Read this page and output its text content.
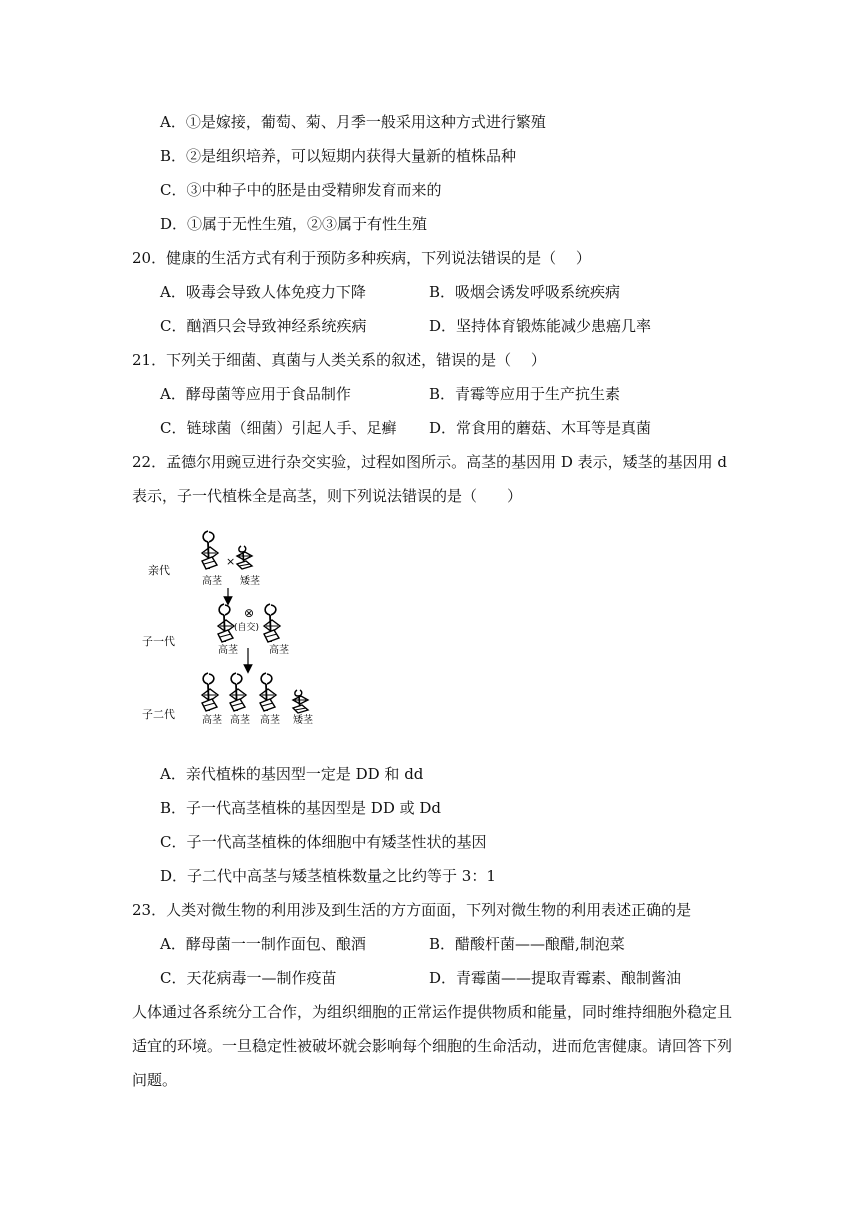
A．①是嫁接，葡萄、菊、月季一般采用这种方式进行繁殖
B．②是组织培养，可以短期内获得大量新的植株品种
C．③中种子中的胚是由受精卵发育而来的
D．①属于无性生殖，②③属于有性生殖
20．健康的生活方式有利于预防多种疾病，下列说法错误的是（　 ）
A．吸毒会导致人体免疫力下降	B．吸烟会诱发呼吸系统疾病
C．酗酒只会导致神经系统疾病	D．坚持体育锻炼能减少患癌几率
21．下列关于细菌、真菌与人类关系的叙述，错误的是（　 ）
A．酵母菌等应用于食品制作	B．青霉等应用于生产抗生素
C．链球菌（细菌）引起人手、足癣 D．常食用的蘑菇、木耳等是真菌
22．孟德尔用豌豆进行杂交实验，过程如图所示。高茎的基因用 D 表示，矮茎的基因用 d
表示，子一代植株全是高茎，则下列说法错误的是（　　）
亲代
子一代
子二代
×
高茎 矮茎
⊗
(自交)
高茎	高茎
高茎 高茎 高茎 矮茎
A．亲代植株的基因型一定是 DD 和 dd
B．子一代高茎植株的基因型是 DD 或 Dd
C．子一代高茎植株的体细胞中有矮茎性状的基因
D．子二代中高茎与矮茎植株数量之比约等于 3：1
23．人类对微生物的利用涉及到生活的方方面面，下列对微生物的利用表述正确的是
A．酵母菌一一制作面包、酿酒	B．醋酸杆菌——酿醋,制泡菜
C．天花病毒一—制作疫苗	D．青霉菌——提取青霉素、酿制酱油
人体通过各系统分工合作，为组织细胞的正常运作提供物质和能量，同时维持细胞外稳定且
适宜的环境。一旦稳定性被破坏就会影响每个细胞的生命活动，进而危害健康。请回答下列
问题。
